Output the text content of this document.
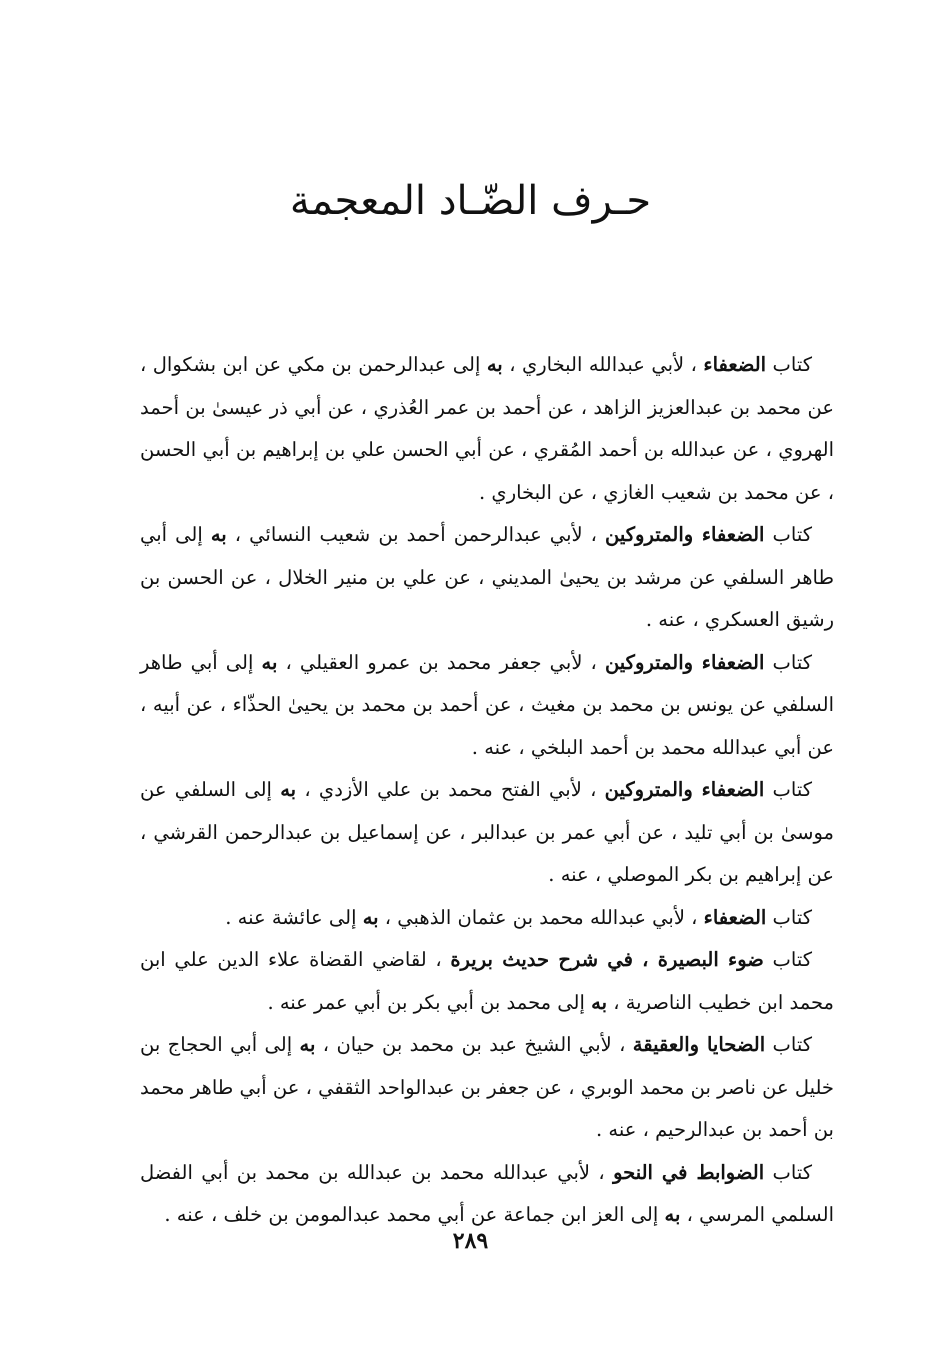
حـرف الضّـاد المعجمة

كتاب الضعفاء ، لأبي عبدالله البخاري ، به إلى عبدالرحمن بن مكي عن ابن بشكوال ، عن محمد بن عبدالعزيز الزاهد ، عن أحمد بن عمر العُذري ، عن أبي ذر عيسىٰ بن أحمد الهروي ، عن عبدالله بن أحمد المُقري ، عن أبي الحسن علي بن إبراهيم بن أبي الحسن ، عن محمد بن شعيب الغازي ، عن البخاري .

كتاب الضعفاء والمتروكين ، لأبي عبدالرحمن أحمد بن شعيب النسائي ، به إلى أبي طاهر السلفي عن مرشد بن يحيىٰ المديني ، عن علي بن منير الخلال ، عن الحسن بن رشيق العسكري ، عنه .

كتاب الضعفاء والمتروكين ، لأبي جعفر محمد بن عمرو العقيلي ، به إلى أبي طاهر السلفي عن يونس بن محمد بن مغيث ، عن أحمد بن محمد بن يحيىٰ الحذّاء ، عن أبيه ، عن أبي عبدالله محمد بن أحمد البلخي ، عنه .

كتاب الضعفاء والمتروكين ، لأبي الفتح محمد بن علي الأزدي ، به إلى السلفي عن موسىٰ بن أبي تليد ، عن أبي عمر بن عبدالبر ، عن إسماعيل بن عبدالرحمن القرشي ، عن إبراهيم بن بكر الموصلي ، عنه .

كتاب الضعفاء ، لأبي عبدالله محمد بن عثمان الذهبي ، به إلى عائشة عنه .

كتاب ضوء البصيرة ، في شرح حديث بريرة ، لقاضي القضاة علاء الدين علي ابن محمد ابن خطيب الناصرية ، به إلى محمد بن أبي بكر بن أبي عمر عنه .

كتاب الضحايا والعقيقة ، لأبي الشيخ عبد بن محمد بن حيان ، به إلى أبي الحجاج بن خليل عن ناصر بن محمد الوبري ، عن جعفر بن عبدالواحد الثقفي ، عن أبي طاهر محمد بن أحمد بن عبدالرحيم ، عنه .

كتاب الضوابط في النحو ، لأبي عبدالله محمد بن عبدالله بن محمد بن أبي الفضل السلمي المرسي ، به إلى العز ابن جماعة عن أبي محمد عبدالمومن بن خلف ، عنه .

٢٨٩
